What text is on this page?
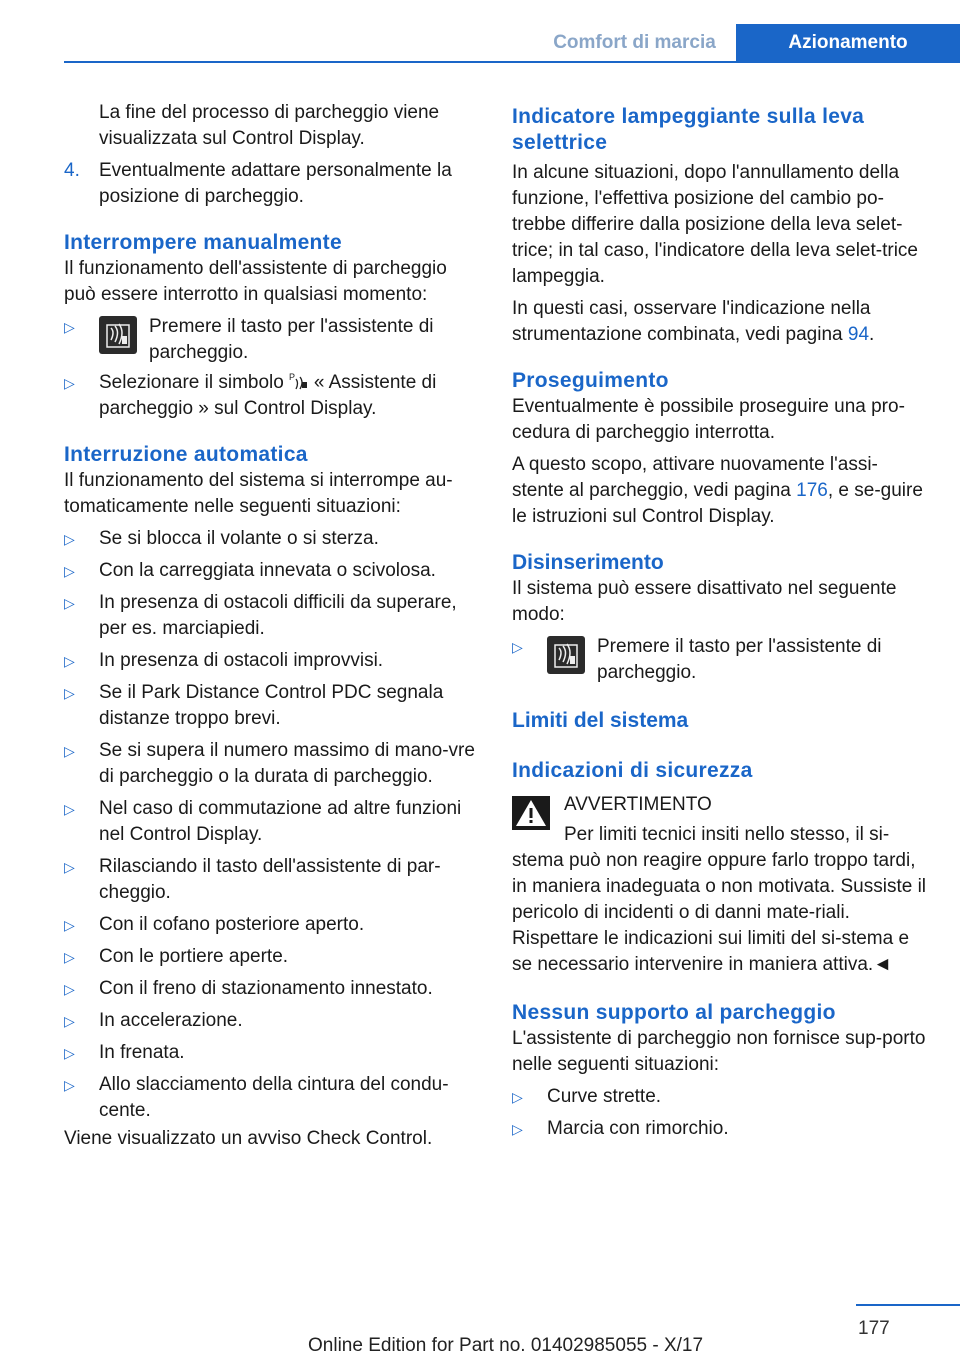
Comfort di marcia	Azionamento

La fine del processo di parcheggio viene visualizzata sul Control Display.

4. Eventualmente adattare personalmente la posizione di parcheggio.

Interrompere manualmente

Il funzionamento dell'assistente di parcheggio può essere interrotto in qualsiasi momento:

▷	Premere il tasto per l'assistente di parcheggio.

▷ Selezionare il simbolo P « Assistente di parcheggio » sul Control Display.

Interruzione automatica

Il funzionamento del sistema si interrompe au-tomaticamente nelle seguenti situazioni:

▷ Se si blocca il volante o si sterza.

▷ Con la carreggiata innevata o scivolosa.

▷ In presenza di ostacoli difficili da superare, per es. marciapiedi.

▷ In presenza di ostacoli improvvisi.

▷ Se il Park Distance Control PDC segnala distanze troppo brevi.

▷ Se si supera il numero massimo di mano-vre di parcheggio o la durata di parcheggio.

▷ Nel caso di commutazione ad altre funzioni nel Control Display.

▷ Rilasciando il tasto dell'assistente di par-cheggio.

▷ Con il cofano posteriore aperto.

▷ Con le portiere aperte.

▷ Con il freno di stazionamento innestato.

▷ In accelerazione.

▷ In frenata.

▷ Allo slacciamento della cintura del condu-cente.

Viene visualizzato un avviso Check Control.

Indicatore lampeggiante sulla leva selettrice

In alcune situazioni, dopo l'annullamento della funzione, l'effettiva posizione del cambio po-trebbe differire dalla posizione della leva selet-trice; in tal caso, l'indicatore della leva selet-trice lampeggia.

In questi casi, osservare l'indicazione nella strumentazione combinata, vedi pagina 94.

Proseguimento

Eventualmente è possibile proseguire una pro-cedura di parcheggio interrotta.

A questo scopo, attivare nuovamente l'assi-stente al parcheggio, vedi pagina 176, e se-guire le istruzioni sul Control Display.

Disinserimento

Il sistema può essere disattivato nel seguente modo:

▷	Premere il tasto per l'assistente di parcheggio.

Limiti del sistema
Indicazioni di sicurezza

AVVERTIMENTO

Per limiti tecnici insiti nello stesso, il si-

stema può non reagire oppure farlo troppo tardi, in maniera inadeguata o non motivata. Sussiste il pericolo di incidenti o di danni mate-riali. Rispettare le indicazioni sui limiti del si-stema e se necessario intervenire in maniera attiva.◄

Nessun supporto al parcheggio

L'assistente di parcheggio non fornisce sup-porto nelle seguenti situazioni:

▷ Curve strette.

▷ Marcia con rimorchio.

177
Online Edition for Part no. 01402985055 - X/17
